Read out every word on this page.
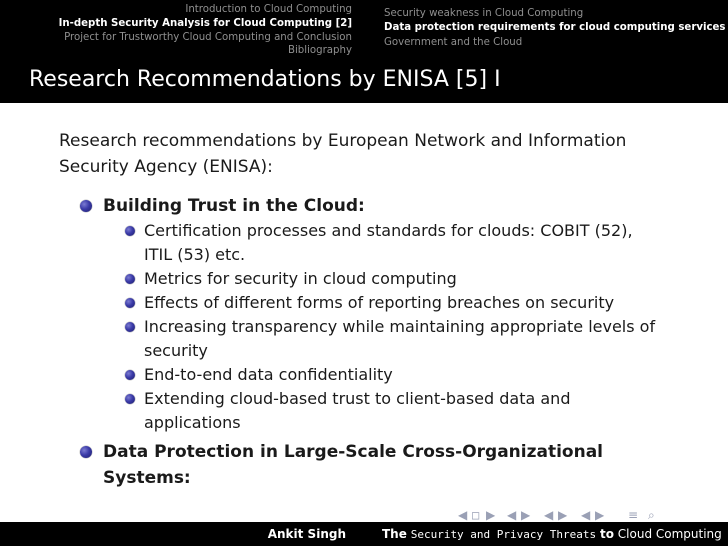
Introduction to Cloud Computing
In-depth Security Analysis for Cloud Computing [2]
Project for Trustworthy Cloud Computing and Conclusion
Bibliography
Security weakness in Cloud Computing
Data protection requirements for cloud computing services
Government and the Cloud
Research Recommendations by ENISA [5] I
Research recommendations by European Network and Information
Security Agency (ENISA):
Building Trust in the Cloud:
Certification processes and standards for clouds: COBIT (52),
ITIL (53) etc.
Metrics for security in cloud computing
Effects of different forms of reporting breaches on security
Increasing transparency while maintaining appropriate levels of
security
End-to-end data confidentiality
Extending cloud-based trust to client-based data and
applications
Data Protection in Large-Scale Cross-Organizational
Systems:
◀ □ ▶ ◀ ▶ ◀ ▶ ◀ ▶ ≡ ⌕
Ankit Singh	The Security and Privacy Threats to Cloud Computing
